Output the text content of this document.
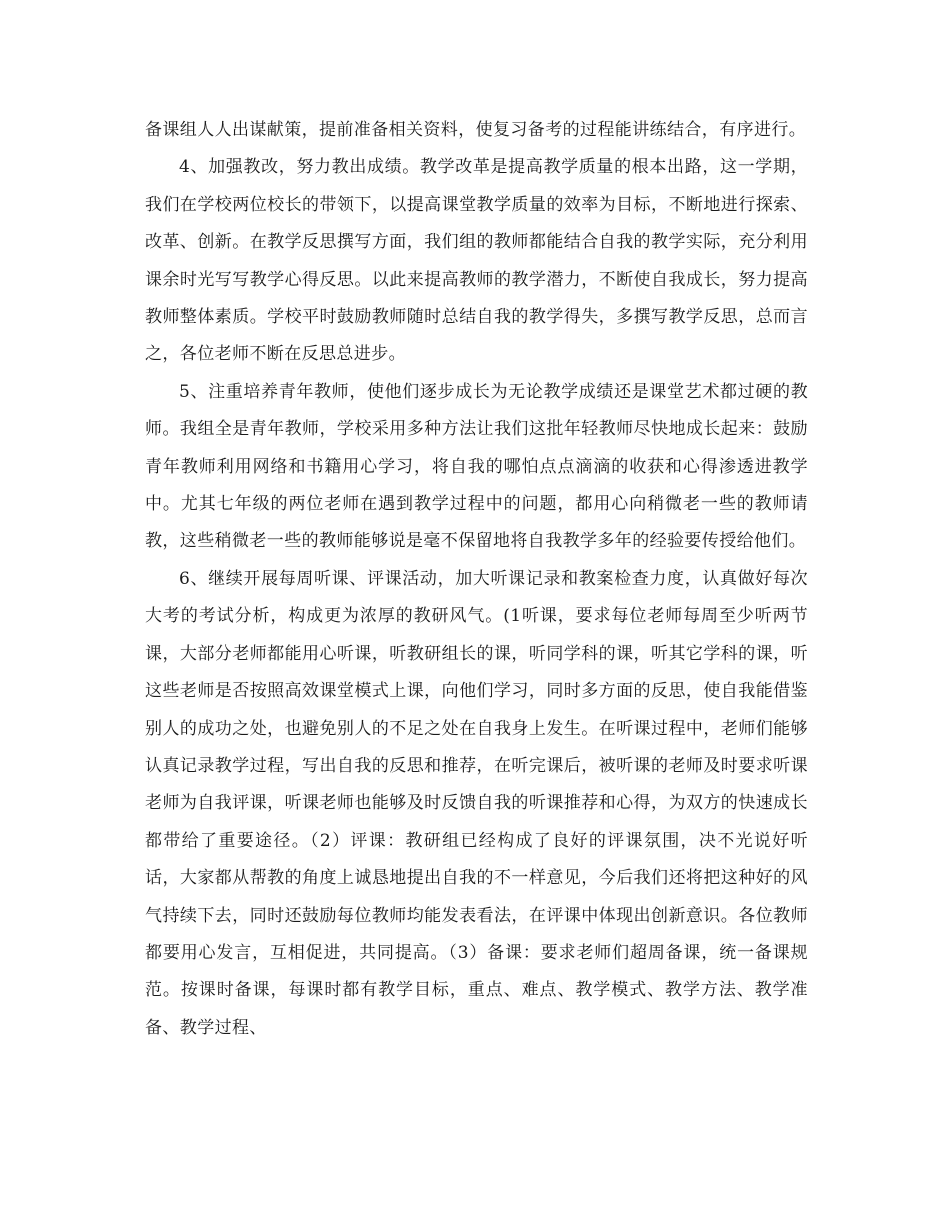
备课组人人出谋献策，提前准备相关资料，使复习备考的过程能讲练结合，有序进行。

4、加强教改，努力教出成绩。教学改革是提高教学质量的根本出路，这一学期，我们在学校两位校长的带领下，以提高课堂教学质量的效率为目标，不断地进行探索、改革、创新。在教学反思撰写方面，我们组的教师都能结合自我的教学实际，充分利用课余时光写写教学心得反思。以此来提高教师的教学潜力，不断使自我成长，努力提高教师整体素质。学校平时鼓励教师随时总结自我的教学得失，多撰写教学反思，总而言之，各位老师不断在反思总进步。

5、注重培养青年教师，使他们逐步成长为无论教学成绩还是课堂艺术都过硬的教师。我组全是青年教师，学校采用多种方法让我们这批年轻教师尽快地成长起来：鼓励青年教师利用网络和书籍用心学习，将自我的哪怕点点滴滴的收获和心得渗透进教学中。尤其七年级的两位老师在遇到教学过程中的问题，都用心向稍微老一些的教师请教，这些稍微老一些的教师能够说是毫不保留地将自我教学多年的经验要传授给他们。

6、继续开展每周听课、评课活动，加大听课记录和教案检查力度，认真做好每次大考的考试分析，构成更为浓厚的教研风气。(1听课，要求每位老师每周至少听两节课，大部分老师都能用心听课，听教研组长的课，听同学科的课，听其它学科的课，听这些老师是否按照高效课堂模式上课，向他们学习，同时多方面的反思，使自我能借鉴别人的成功之处，也避免别人的不足之处在自我身上发生。在听课过程中，老师们能够认真记录教学过程，写出自我的反思和推荐，在听完课后，被听课的老师及时要求听课老师为自我评课，听课老师也能够及时反馈自我的听课推荐和心得，为双方的快速成长都带给了重要途径。（2）评课：教研组已经构成了良好的评课氛围，决不光说好听话，大家都从帮教的角度上诚恳地提出自我的不一样意见，今后我们还将把这种好的风气持续下去，同时还鼓励每位教师均能发表看法，在评课中体现出创新意识。各位教师都要用心发言，互相促进，共同提高。（3）备课：要求老师们超周备课，统一备课规范。按课时备课，每课时都有教学目标，重点、难点、教学模式、教学方法、教学准备、教学过程、
